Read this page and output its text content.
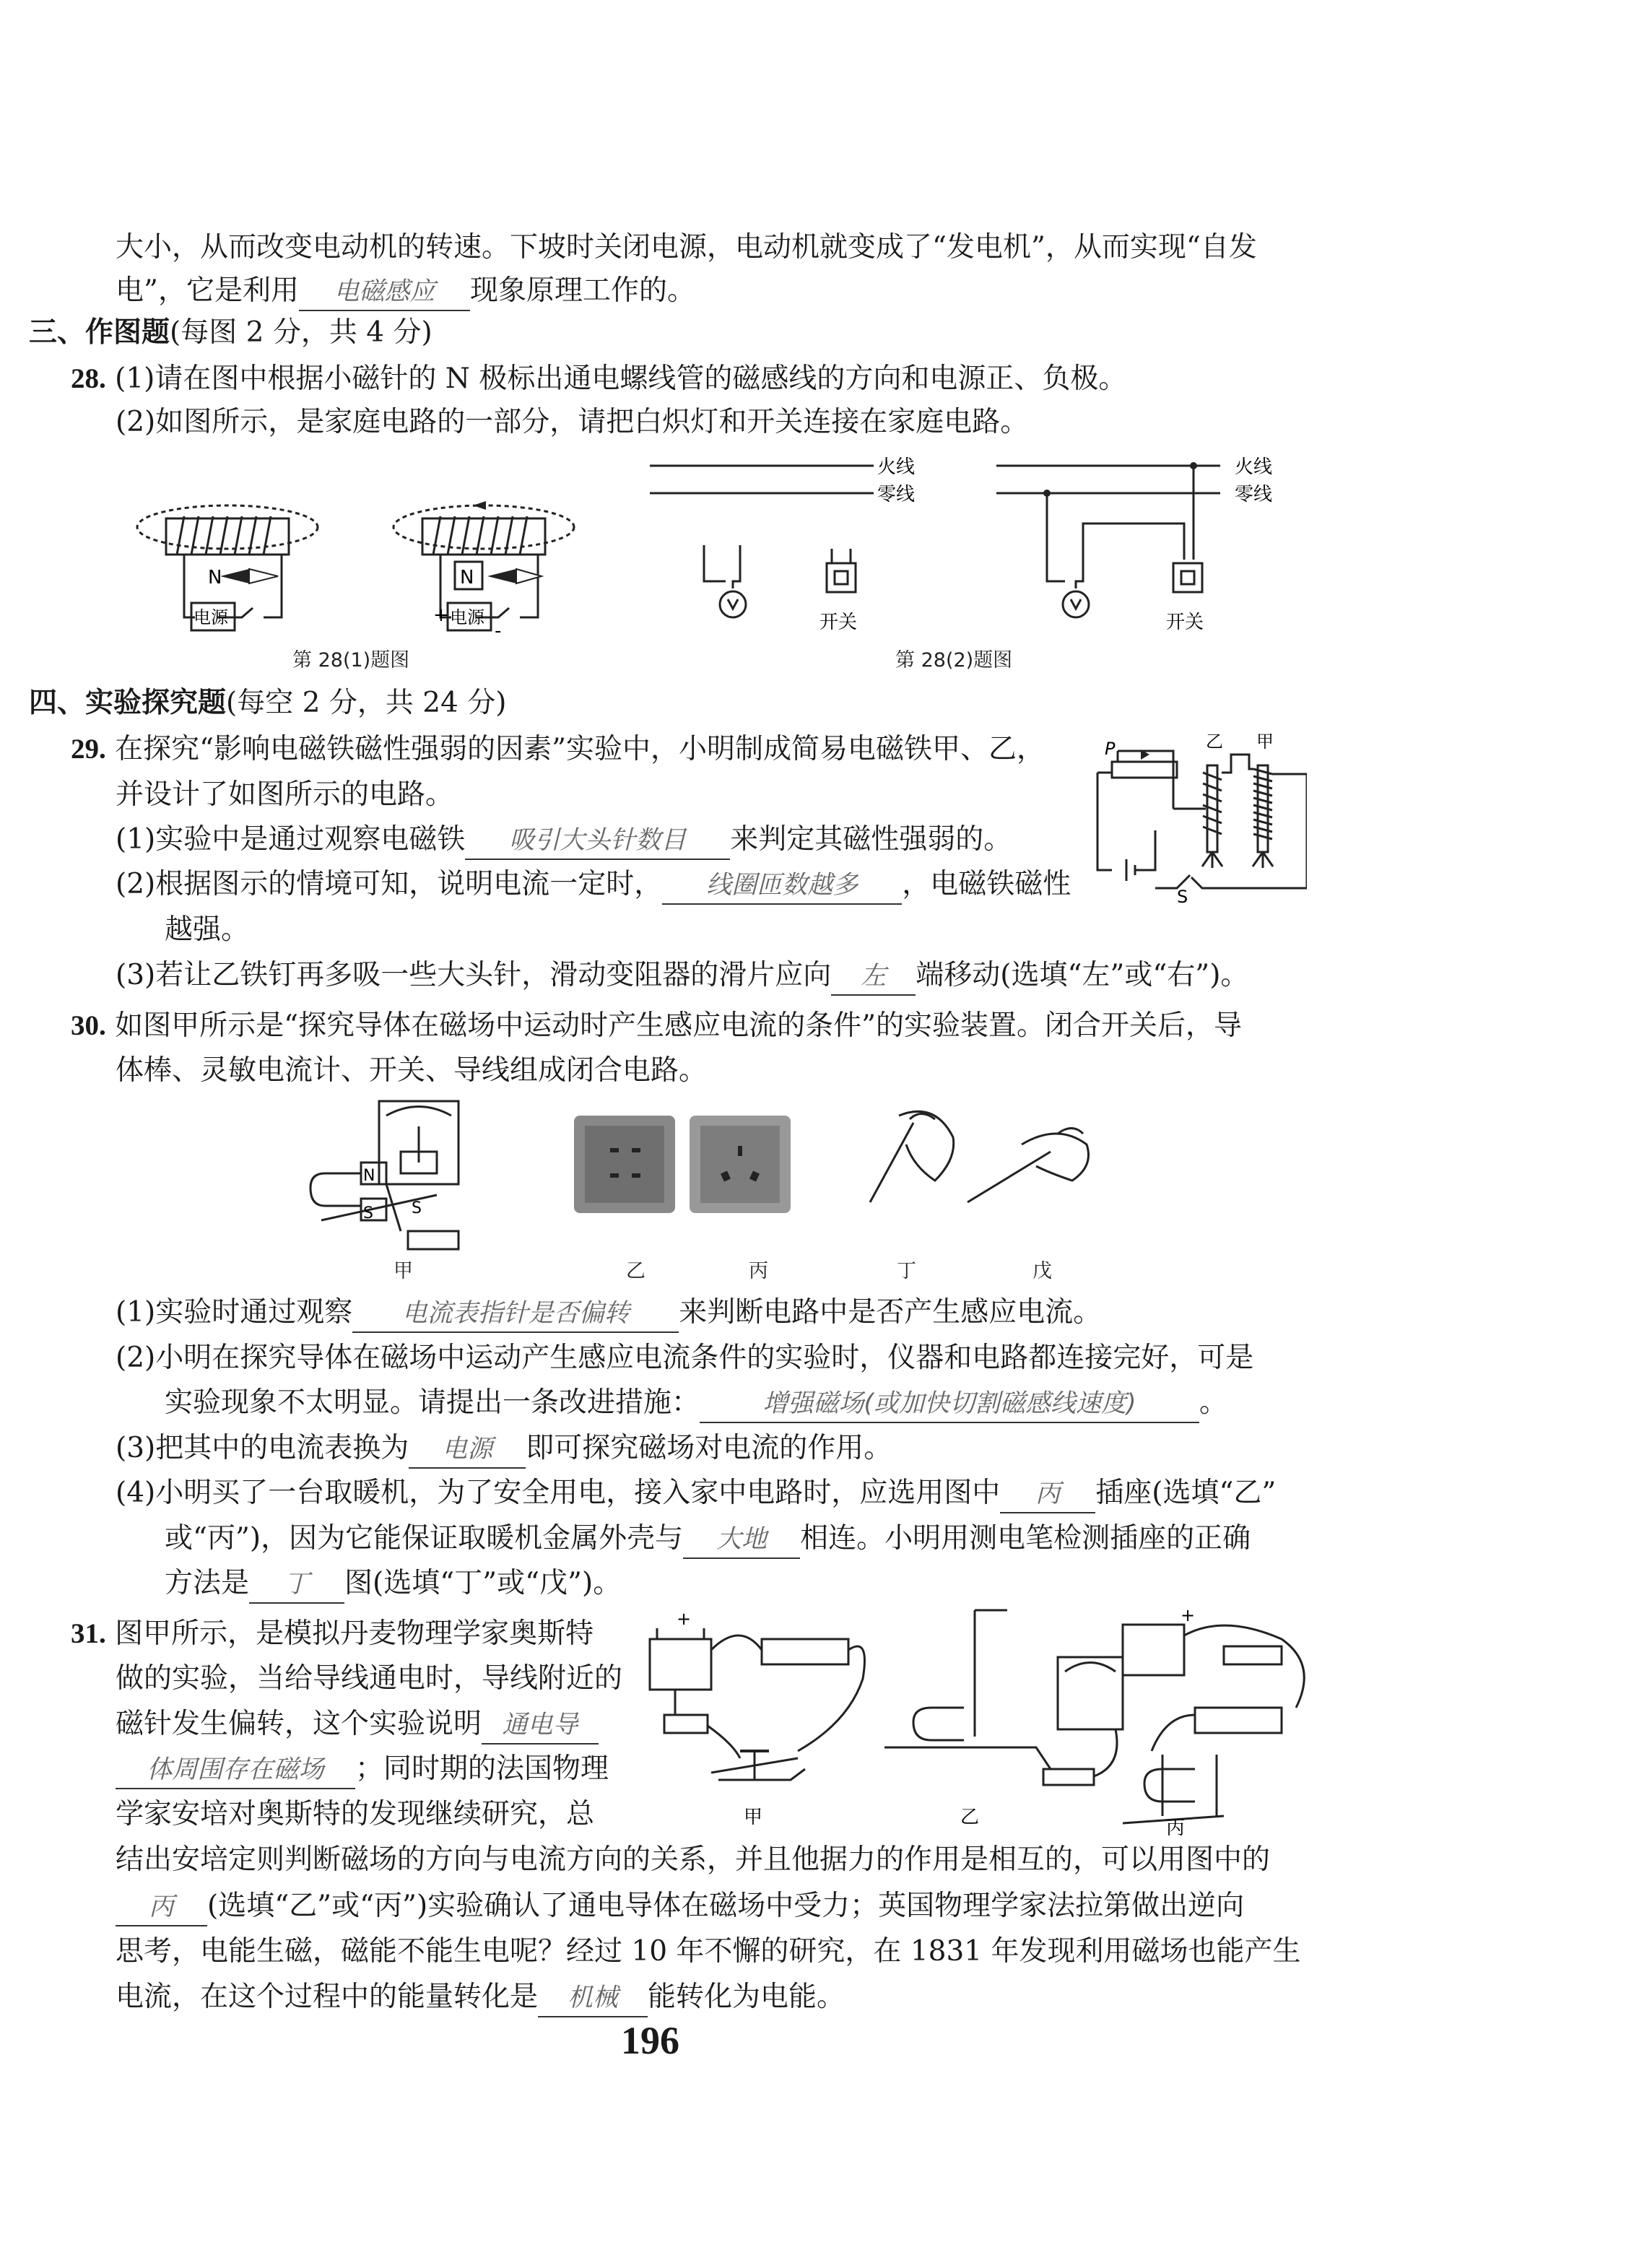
大小，从而改变电动机的转速。下坡时关闭电源，电动机就变成了“发电机”，从而实现“自发
电”，它是利用 电磁感应 现象原理工作的。
三、作图题(每图 2 分，共 4 分)
28. (1)请在图中根据小磁针的 N 极标出通电螺线管的磁感线的方向和电源正、负极。
(2)如图所示，是家庭电路的一部分，请把白炽灯和开关连接在家庭电路。
N	N
电源	电源
+
-
第 28(1)题图
火线
零线
火线
零线
开关	开关
第 28(2)题图
四、实验探究题(每空 2 分，共 24 分)
29. 在探究“影响电磁铁磁性强弱的因素”实验中，小明制成简易电磁铁甲、乙，
并设计了如图所示的电路。
(1)实验中是通过观察电磁铁 吸引大头针数目 来判定其磁性强弱的。
(2)根据图示的情境可知，说明电流一定时， 线圈匝数越多 ，电磁铁磁性
越强。
(3)若让乙铁钉再多吸一些大头针，滑动变阻器的滑片应向 左 端移动(选填“左”或“右”)。
P	乙 甲
S
30. 如图甲所示是“探究导体在磁场中运动时产生感应电流的条件”的实验装置。闭合开关后，导
体棒、灵敏电流计、开关、导线组成闭合电路。
N
S S
甲	乙	丙	丁	戊
(1)实验时通过观察 电流表指针是否偏转 来判断电路中是否产生感应电流。
(2)小明在探究导体在磁场中运动产生感应电流条件的实验时，仪器和电路都连接完好，可是
实验现象不太明显。请提出一条改进措施： 增强磁场(或加快切割磁感线速度) 。
(3)把其中的电流表换为 电源 即可探究磁场对电流的作用。
(4)小明买了一台取暖机，为了安全用电，接入家中电路时，应选用图中 丙 插座(选填“乙”
或“丙”)，因为它能保证取暖机金属外壳与 大地 相连。小明用测电笔检测插座的正确
方法是 丁 图(选填“丁”或“戊”)。
31. 图甲所示，是模拟丹麦物理学家奥斯特
做的实验，当给导线通电时，导线附近的
磁针发生偏转，这个实验说明 通电导
体周围存在磁场 ；同时期的法国物理
学家安培对奥斯特的发现继续研究，总
+	+
甲	乙	丙
结出安培定则判断磁场的方向与电流方向的关系，并且他据力的作用是相互的，可以用图中的
丙 (选填“乙”或“丙”)实验确认了通电导体在磁场中受力；英国物理学家法拉第做出逆向
思考，电能生磁，磁能不能生电呢？经过 10 年不懈的研究，在 1831 年发现利用磁场也能产生
电流，在这个过程中的能量转化是 机械 能转化为电能。
196
